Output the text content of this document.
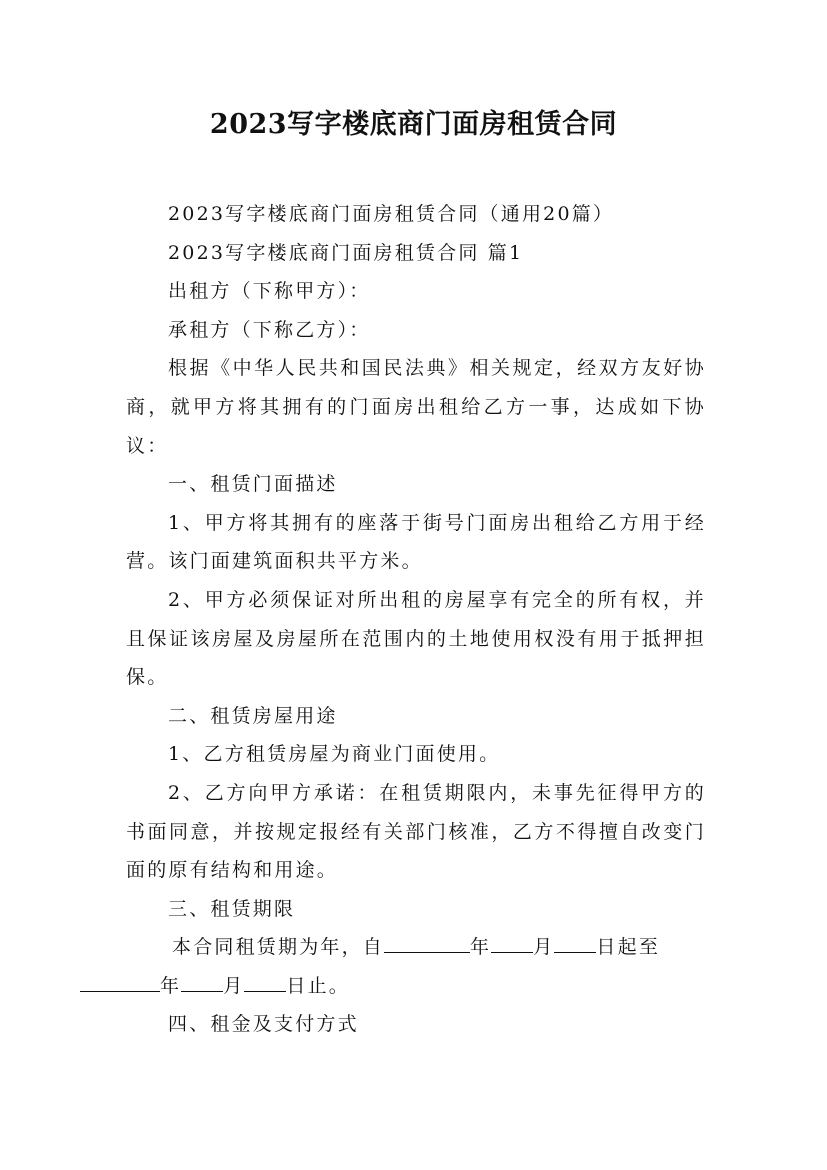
2023写字楼底商门面房租赁合同

2023写字楼底商门面房租赁合同（通用20篇）

2023写字楼底商门面房租赁合同 篇1

出租方（下称甲方）：

承租方（下称乙方）：

根据《中华人民共和国民法典》相关规定，经双方友好协商，就甲方将其拥有的门面房出租给乙方一事，达成如下协议：

一、租赁门面描述

1、甲方将其拥有的座落于街号门面房出租给乙方用于经营。该门面建筑面积共平方米。

2、甲方必须保证对所出租的房屋享有完全的所有权，并且保证该房屋及房屋所在范围内的土地使用权没有用于抵押担保。

二、租赁房屋用途

1、乙方租赁房屋为商业门面使用。

2、乙方向甲方承诺：在租赁期限内，未事先征得甲方的书面同意，并按规定报经有关部门核准，乙方不得擅自改变门面的原有结构和用途。

三、租赁期限

本合同租赁期为年，自	年 月 日起至
年 月 日止。

四、租金及支付方式
